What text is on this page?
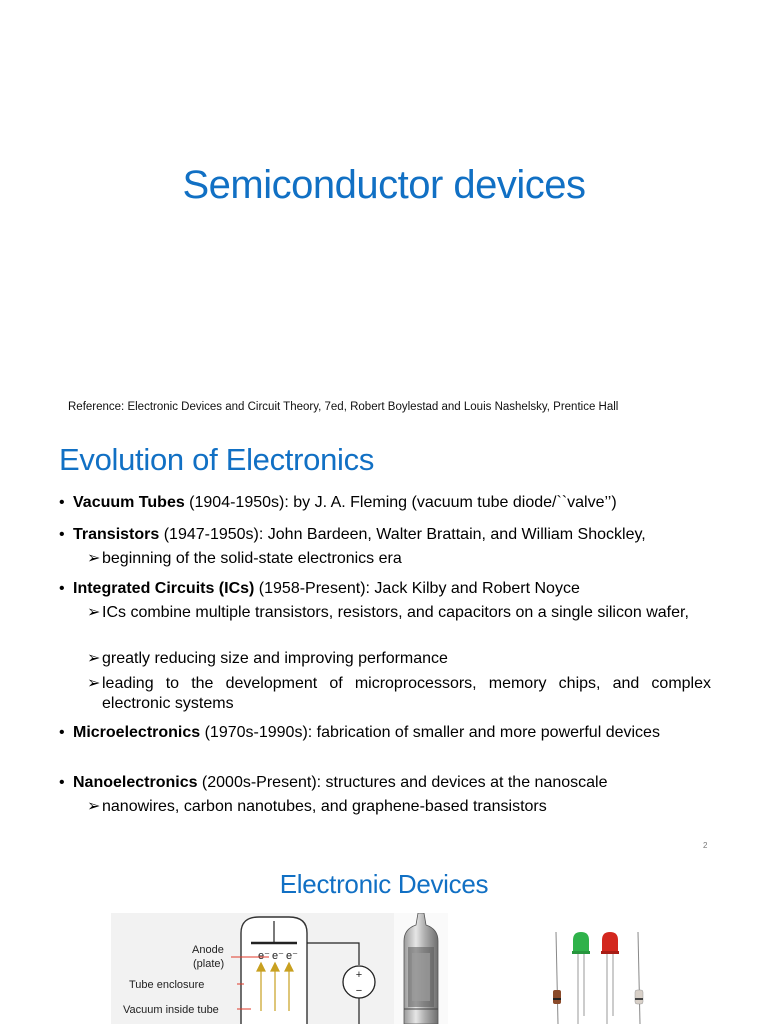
Semiconductor devices
Reference: Electronic Devices and Circuit Theory, 7ed, Robert Boylestad and Louis Nashelsky, Prentice Hall
Evolution of Electronics
• Vacuum Tubes (1904-1950s): by J. A. Fleming (vacuum tube diode/``valve’’)
• Transistors (1947-1950s): John Bardeen, Walter Brattain, and William Shockley,
➢ beginning of the solid-state electronics era
• Integrated Circuits (ICs) (1958-Present): Jack Kilby and Robert Noyce
➢ ICs combine multiple transistors, resistors, and capacitors on a single silicon wafer,
➢ greatly reducing size and improving performance
➢ leading to the development of microprocessors, memory chips, and complex electronic systems
• Microelectronics (1970s-1990s): fabrication of smaller and more powerful devices
• Nanoelectronics (2000s-Present): structures and devices at the nanoscale
➢ nanowires, carbon nanotubes, and graphene-based transistors
2
Electronic Devices
+
−
e⁻ e⁻ e⁻
Anode
(plate)
Tube enclosure
Vacuum inside tube
